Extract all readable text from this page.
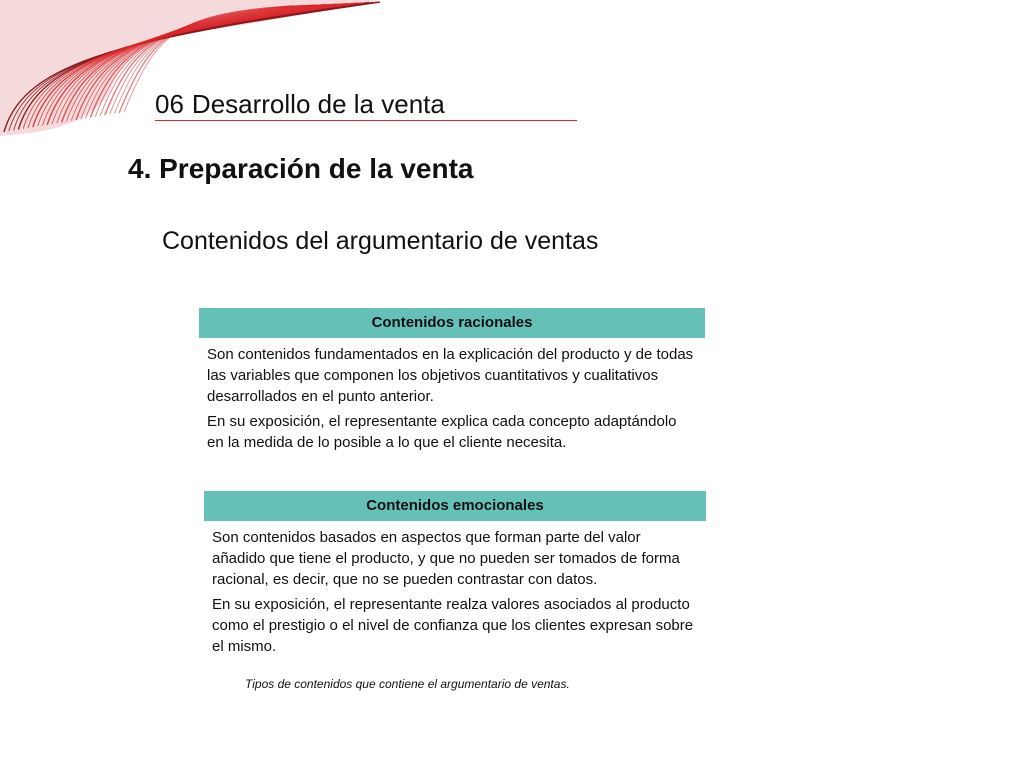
06 Desarrollo de la venta
4. Preparación de la venta
Contenidos del argumentario de ventas
Contenidos racionales

Son contenidos fundamentados en la explicación del producto y de todas las variables que componen los objetivos cuantitativos y cualitativos desarrollados en el punto anterior.

En su exposición, el representante explica cada concepto adaptándolo en la medida de lo posible a lo que el cliente necesita.

Contenidos emocionales

Son contenidos basados en aspectos que forman parte del valor añadido que tiene el producto, y que no pueden ser tomados de forma racional, es decir, que no se pueden contrastar con datos.

En su exposición, el representante realza valores asociados al producto como el prestigio o el nivel de confianza que los clientes expresan sobre el mismo.

Tipos de contenidos que contiene el argumentario de ventas.
